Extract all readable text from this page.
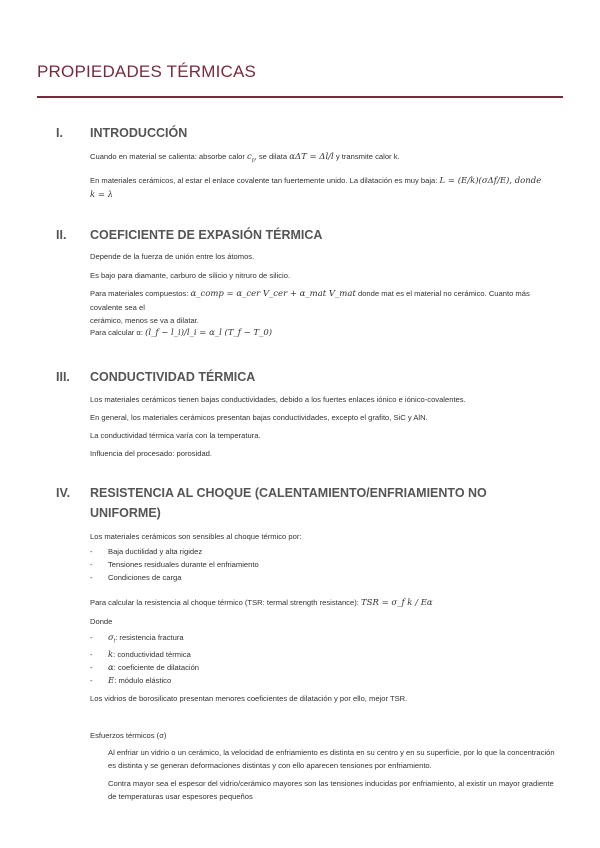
PROPIEDADES TÉRMICAS
I. INTRODUCCIÓN
Cuando en material se calienta: absorbe calor $c_p$, se dilata αΔT = Δl/l y transmite calor k.
En materiales cerámicos, al estar el enlace covalente tan fuertemente unido. La dilatación es muy baja: L = (E/k)(σΔf/E), donde
k = λ
II. COEFICIENTE DE EXPASIÓN TÉRMICA
Depende de la fuerza de unión entre los átomos.
Es bajo para diamante, carburo de silicio y nitruro de silicio.
Para materiales compuestos: α_comp = α_cer V_cer + α_mat V_mat donde mat es el material no cerámico. Cuanto más covalente sea el
cerámico, menos se va a dilatar.
Para calcular α: (l_f − l_i)/l_i = α_l (T_f − T_0)
III. CONDUCTIVIDAD TÉRMICA
Los materiales cerámicos tienen bajas conductividades, debido a los fuertes enlaces iónico e iónico-covalentes.
En general, los materiales cerámicos presentan bajas conductividades, excepto el grafito, SiC y AlN.
La conductividad térmica varía con la temperatura.
Influencia del procesado: porosidad.
IV.	RESISTENCIA AL CHOQUE (CALENTAMIENTO/ENFRIAMIENTO NO UNIFORME)
Los materiales cerámicos son sensibles al choque térmico por:
- Baja ductilidad y alta rigidez
- Tensiones residuales durante el enfriamiento
- Condiciones de carga
Para calcular la resistencia al choque térmico (TSR: termal strength resistance): TSR = σ_f k / Eα
Donde
- $\sigma_f$: resistencia fractura
- k: conductividad térmica
- α: coeficiente de dilatación
- E: módulo elástico
Los vidrios de borosilicato presentan menores coeficientes de dilatación y por ello, mejor TSR.
Esfuerzos térmicos (σ)
Al enfriar un vidrio o un cerámico, la velocidad de enfriamiento es distinta en su centro y en su superficie, por lo que la concentración es distinta y se generan deformaciones distintas y con ello aparecen tensiones por enfriamiento.
Contra mayor sea el espesor del vidrio/cerámico mayores son las tensiones inducidas por enfriamiento, al existir un mayor gradiente de temperaturas usar espesores pequeños
